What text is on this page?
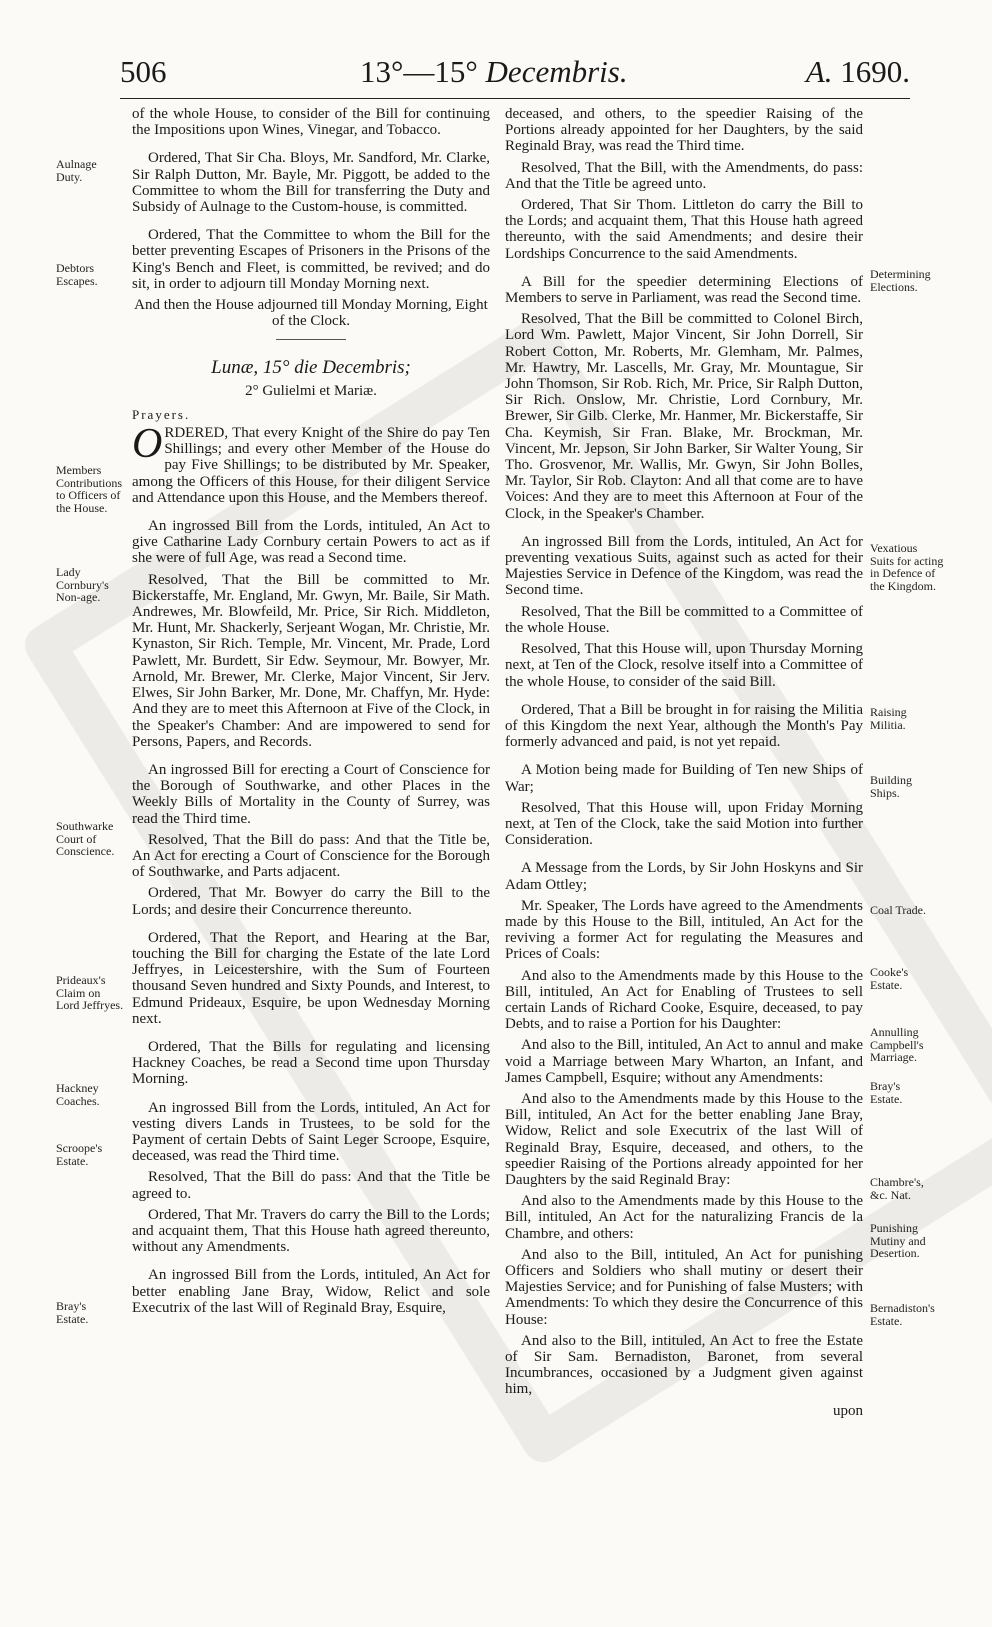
506	13°—15° Decembris.	A. 1690.

of the whole House, to consider of the Bill for continuing the Impositions upon Wines, Vinegar, and Tobacco.

Ordered, That Sir Cha. Bloys, Mr. Sandford, Mr. Clarke, Sir Ralph Dutton, Mr. Bayle, Mr. Piggott, be added to the Committee to whom the Bill for transferring the Duty and Subsidy of Aulnage to the Custom-house, is committed.

Ordered, That the Committee to whom the Bill for the better preventing Escapes of Prisoners in the Prisons of the King's Bench and Fleet, is committed, be revived; and do sit, in order to adjourn till Monday Morning next.

And then the House adjourned till Monday Morning, Eight of the Clock.

Lunæ, 15° die Decembris;
2° Gulielmi et Mariæ.
Prayers.

ORDERED, That every Knight of the Shire do pay Ten Shillings; and every other Member of the House do pay Five Shillings; to be distributed by Mr. Speaker, among the Officers of this House, for their diligent Service and Attendance upon this House, and the Members thereof.

An ingrossed Bill from the Lords, intituled, An Act to give Catharine Lady Cornbury certain Powers to act as if she were of full Age, was read a Second time.

Resolved, That the Bill be committed to Mr. Bickerstaffe, Mr. England, Mr. Gwyn, Mr. Baile, Sir Math. Andrewes, Mr. Blowfeild, Mr. Price, Sir Rich. Middleton, Mr. Hunt, Mr. Shackerly, Serjeant Wogan, Mr. Christie, Mr. Kynaston, Sir Rich. Temple, Mr. Vincent, Mr. Prade, Lord Pawlett, Mr. Burdett, Sir Edw. Seymour, Mr. Bowyer, Mr. Arnold, Mr. Brewer, Mr. Clerke, Major Vincent, Sir Jerv. Elwes, Sir John Barker, Mr. Done, Mr. Chaffyn, Mr. Hyde: And they are to meet this Afternoon at Five of the Clock, in the Speaker's Chamber: And are impowered to send for Persons, Papers, and Records.

An ingrossed Bill for erecting a Court of Conscience for the Borough of Southwarke, and other Places in the Weekly Bills of Mortality in the County of Surrey, was read the Third time.

Resolved, That the Bill do pass: And that the Title be, An Act for erecting a Court of Conscience for the Borough of Southwarke, and Parts adjacent.

Ordered, That Mr. Bowyer do carry the Bill to the Lords; and desire their Concurrence thereunto.

Ordered, That the Report, and Hearing at the Bar, touching the Bill for charging the Estate of the late Lord Jeffryes, in Leicestershire, with the Sum of Fourteen thousand Seven hundred and Sixty Pounds, and Interest, to Edmund Prideaux, Esquire, be upon Wednesday Morning next.

Ordered, That the Bills for regulating and licensing Hackney Coaches, be read a Second time upon Thursday Morning.

An ingrossed Bill from the Lords, intituled, An Act for vesting divers Lands in Trustees, to be sold for the Payment of certain Debts of Saint Leger Scroope, Esquire, deceased, was read the Third time.

Resolved, That the Bill do pass: And that the Title be agreed to.

Ordered, That Mr. Travers do carry the Bill to the Lords; and acquaint them, That this House hath agreed thereunto, without any Amendments.

An ingrossed Bill from the Lords, intituled, An Act for better enabling Jane Bray, Widow, Relict and sole Executrix of the last Will of Reginald Bray, Esquire,

deceased, and others, to the speedier Raising of the Portions already appointed for her Daughters, by the said Reginald Bray, was read the Third time.

Resolved, That the Bill, with the Amendments, do pass: And that the Title be agreed unto.

Ordered, That Sir Thom. Littleton do carry the Bill to the Lords; and acquaint them, That this House hath agreed thereunto, with the said Amendments; and desire their Lordships Concurrence to the said Amendments.

A Bill for the speedier determining Elections of Members to serve in Parliament, was read the Second time.

Resolved, That the Bill be committed to Colonel Birch, Lord Wm. Pawlett, Major Vincent, Sir John Dorrell, Sir Robert Cotton, Mr. Roberts, Mr. Glemham, Mr. Palmes, Mr. Hawtry, Mr. Lascells, Mr. Gray, Mr. Mountague, Sir John Thomson, Sir Rob. Rich, Mr. Price, Sir Ralph Dutton, Sir Rich. Onslow, Mr. Christie, Lord Cornbury, Mr. Brewer, Sir Gilb. Clerke, Mr. Hanmer, Mr. Bickerstaffe, Sir Cha. Keymish, Sir Fran. Blake, Mr. Brockman, Mr. Vincent, Mr. Jepson, Sir John Barker, Sir Walter Young, Sir Tho. Grosvenor, Mr. Wallis, Mr. Gwyn, Sir John Bolles, Mr. Taylor, Sir Rob. Clayton: And all that come are to have Voices: And they are to meet this Afternoon at Four of the Clock, in the Speaker's Chamber.

An ingrossed Bill from the Lords, intituled, An Act for preventing vexatious Suits, against such as acted for their Majesties Service in Defence of the Kingdom, was read the Second time.

Resolved, That the Bill be committed to a Committee of the whole House.

Resolved, That this House will, upon Thursday Morning next, at Ten of the Clock, resolve itself into a Committee of the whole House, to consider of the said Bill.

Ordered, That a Bill be brought in for raising the Militia of this Kingdom the next Year, although the Month's Pay formerly advanced and paid, is not yet repaid.

A Motion being made for Building of Ten new Ships of War;

Resolved, That this House will, upon Friday Morning next, at Ten of the Clock, take the said Motion into further Consideration.

A Message from the Lords, by Sir John Hoskyns and Sir Adam Ottley;

Mr. Speaker, The Lords have agreed to the Amendments made by this House to the Bill, intituled, An Act for the reviving a former Act for regulating the Measures and Prices of Coals:

And also to the Amendments made by this House to the Bill, intituled, An Act for Enabling of Trustees to sell certain Lands of Richard Cooke, Esquire, deceased, to pay Debts, and to raise a Portion for his Daughter:

And also to the Bill, intituled, An Act to annul and make void a Marriage between Mary Wharton, an Infant, and James Campbell, Esquire; without any Amendments:

And also to the Amendments made by this House to the Bill, intituled, An Act for the better enabling Jane Bray, Widow, Relict and sole Executrix of the last Will of Reginald Bray, Esquire, deceased, and others, to the speedier Raising of the Portions already appointed for her Daughters by the said Reginald Bray:

And also to the Amendments made by this House to the Bill, intituled, An Act for the naturalizing Francis de la Chambre, and others:

And also to the Bill, intituled, An Act for punishing Officers and Soldiers who shall mutiny or desert their Majesties Service; and for Punishing of false Musters; with Amendments: To which they desire the Concurrence of this House:

And also to the Bill, intituled, An Act to free the Estate of Sir Sam. Bernadiston, Baronet, from several Incumbrances, occasioned by a Judgment given against him,

upon

Aulnage
Duty.
Debtors
Escapes.
Members
Contributions
to Officers of
the House.
Lady
Cornbury's
Non-age.
Southwarke
Court of
Conscience.
Prideaux's
Claim on
Lord Jeffryes.
Hackney
Coaches.
Scroope's
Estate.
Bray's
Estate.
Determining
Elections.
Vexatious
Suits for acting in Defence of the Kingdom.
Raising
Militia.
Building
Ships.
Coal Trade.
Cooke's
Estate.
Annulling
Campbell's
Marriage.
Bray's
Estate.
Chambre's,
&c. Nat.
Punishing
Mutiny and
Desertion.
Bernadiston's
Estate.
